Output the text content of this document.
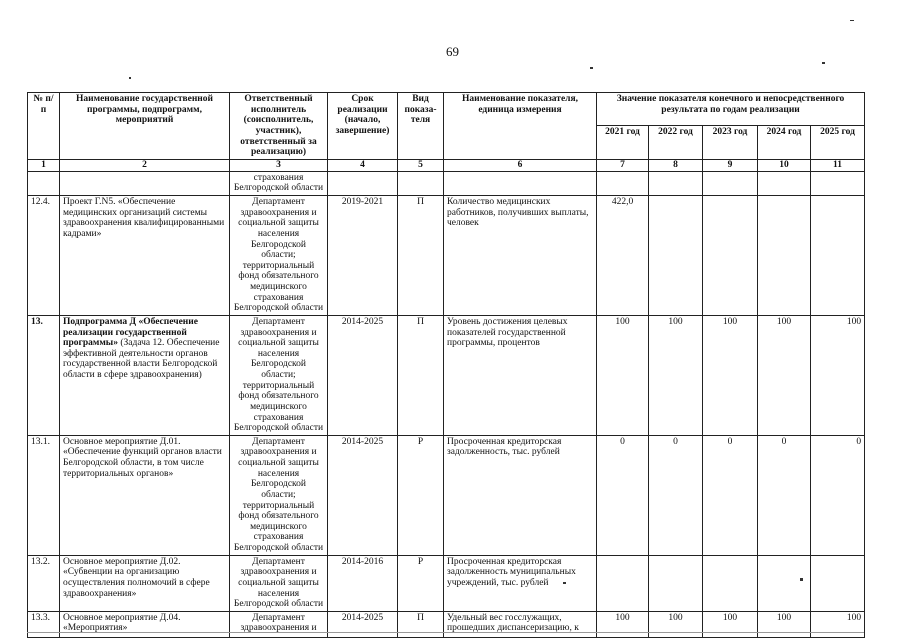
69
№ п/п	Наименование государственной программы, подпрограмм, мероприятий	Ответственный исполнитель (соисполнитель, участник), ответственный за реализацию)	Срок реализации (начало, завершение)	Вид показа-теля	Наименование показателя, единица измерения	Значение показателя конечного и непосредственного результата по годам реализации				
						2021 год	2022 год	2023 год	2024 год	2025 год
1	2	3	4	5	6	7	8	9	10	11
		страхования Белгородской области								
12.4.	Проект Г.N5. «Обеспечение медицинских организаций системы здравоохранения квалифицированными кадрами»	Департамент здравоохранения и социальной защиты населения Белгородской области; территориальный фонд обязательного медицинского страхования Белгородской области	2019-2021	П	Количество медицинских работников, получивших выплаты, человек	422,0				
13.	Подпрограмма Д «Обеспечение реализации государственной программы» (Задача 12. Обеспечение эффективной деятельности органов государственной власти Белгородской области в сфере здравоохранения)	Департамент здравоохранения и социальной защиты населения Белгородской области; территориальный фонд обязательного медицинского страхования Белгородской области	2014-2025	П	Уровень достижения целевых показателей государственной программы, процентов	100	100	100	100	100
13.1.	Основное мероприятие Д.01. «Обеспечение функций органов власти Белгородской области, в том числе территориальных органов»	Департамент здравоохранения и социальной защиты населения Белгородской области; территориальный фонд обязательного медицинского страхования Белгородской области	2014-2025	Р	Просроченная кредиторская задолженность, тыс. рублей	0	0	0	0	0
13.2.	Основное мероприятие Д.02. «Субвенции на организацию осуществления полномочий в сфере здравоохранения»	Департамент здравоохранения и социальной защиты населения Белгородской области	2014-2016	Р	Просроченная кредиторская задолженность муниципальных учреждений, тыс. рублей					
13.3.	Основное мероприятие Д.04. «Мероприятия»	Департамент здравоохранения и	2014-2025	П	Удельный вес госслужащих, прошедших диспансеризацию, к	100	100	100	100	100
